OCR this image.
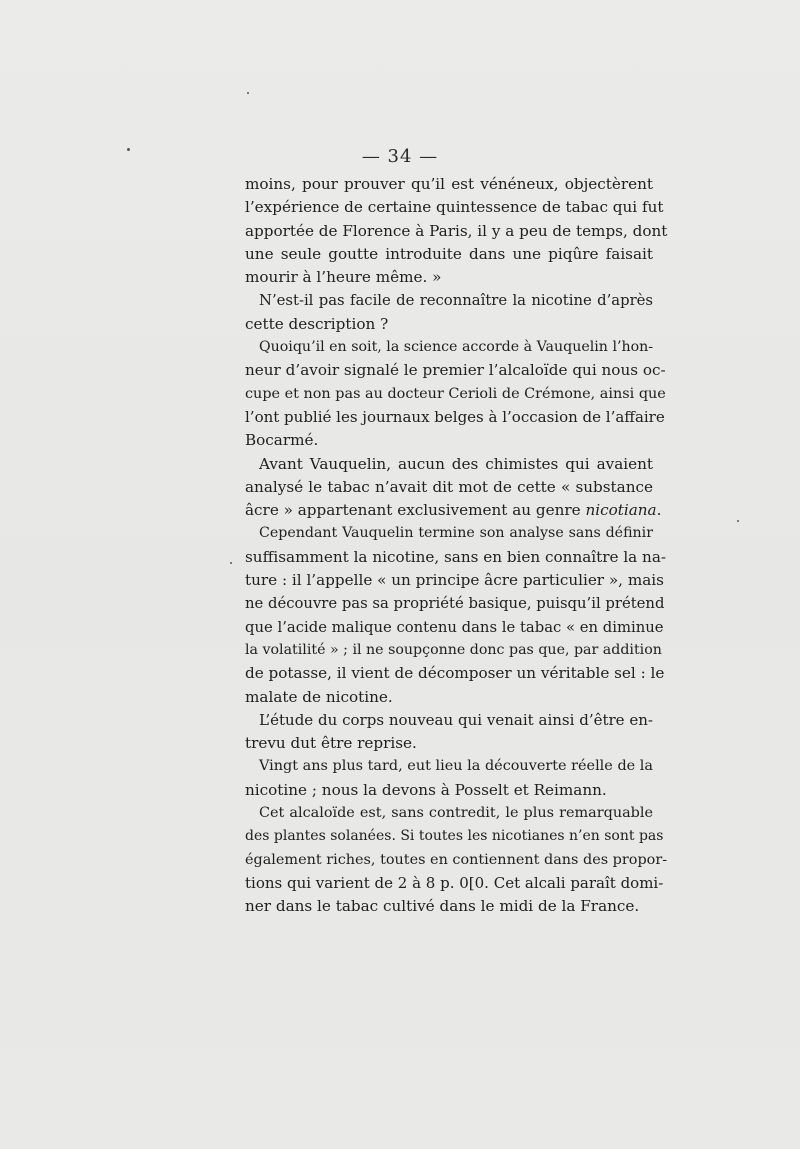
— 34 —
moins, pour prouver qu’il est vénéneux, objectèrent
l’expérience de certaine quintessence de tabac qui fut
apportée de Florence à Paris, il y a peu de temps, dont
une seule goutte introduite dans une piqûre faisait
mourir à l’heure même. »
N’est-il pas facile de reconnaître la nicotine d’après
cette description ?
Quoiqu’il en soit, la science accorde à Vauquelin l’hon-
neur d’avoir signalé le premier l’alcaloïde qui nous oc-
cupe et non pas au docteur Cerioli de Crémone, ainsi que
l’ont publié les journaux belges à l’occasion de l’affaire
Bocarmé.
Avant Vauquelin, aucun des chimistes qui avaient
analysé le tabac n’avait dit mot de cette « substance
âcre » appartenant exclusivement au genre nicotiana.
Cependant Vauquelin termine son analyse sans définir
suffisamment la nicotine, sans en bien connaître la na-
ture : il l’appelle « un principe âcre particulier », mais
ne découvre pas sa propriété basique, puisqu’il prétend
que l’acide malique contenu dans le tabac « en diminue
la volatilité » ; il ne soupçonne donc pas que, par addition
de potasse, il vient de décomposer un véritable sel : le
malate de nicotine.
L’étude du corps nouveau qui venait ainsi d’être en-
trevu dut être reprise.
Vingt ans plus tard, eut lieu la découverte réelle de la
nicotine ; nous la devons à Posselt et Reimann.
Cet alcaloïde est, sans contredit, le plus remarquable
des plantes solanées. Si toutes les nicotianes n’en sont pas
également riches, toutes en contiennent dans des propor-
tions qui varient de 2 à 8 p. 0[0. Cet alcali paraît domi-
ner dans le tabac cultivé dans le midi de la France.
